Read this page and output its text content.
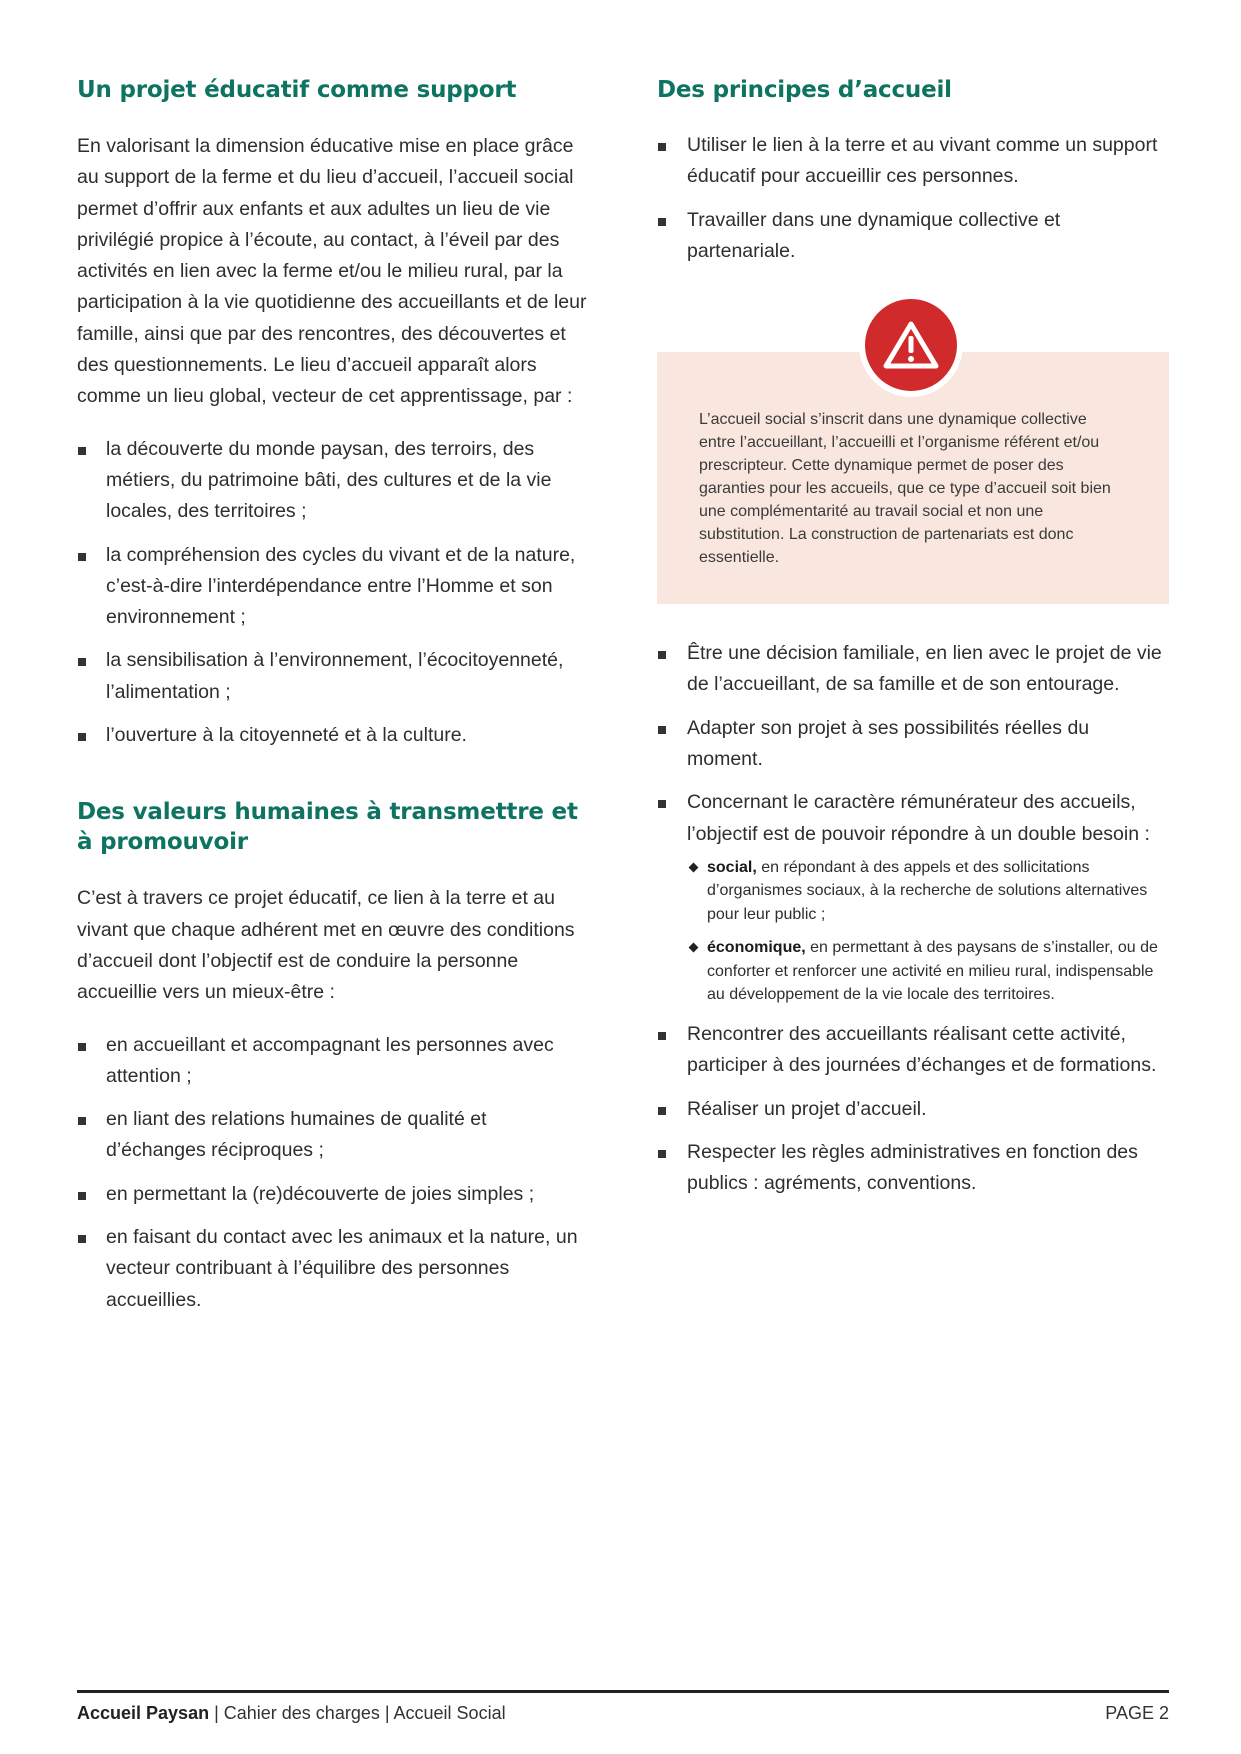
Un projet éducatif comme support

En valorisant la dimension éducative mise en place grâce au support de la ferme et du lieu d’accueil, l’accueil social permet d’offrir aux enfants et aux adultes un lieu de vie privilégié propice à l’écoute, au contact, à l’éveil par des activités en lien avec la ferme et/ou le milieu rural, par la participation à la vie quotidienne des accueillants et de leur famille, ainsi que par des rencontres, des découvertes et des questionnements. Le lieu d’accueil apparaît alors comme un lieu global, vecteur de cet apprentissage, par :

la découverte du monde paysan, des terroirs, des métiers, du patrimoine bâti, des cultures et de la vie locales, des territoires ;
la compréhension des cycles du vivant et de la nature, c’est-à-dire l’interdépendance entre l’Homme et son environnement ;
la sensibilisation à l’environnement, l’écocitoyenneté, l’alimentation ;
l’ouverture à la citoyenneté et à la culture.
Des valeurs humaines à transmettre et à promouvoir

C’est à travers ce projet éducatif, ce lien à la terre et au vivant que chaque adhérent met en œuvre des conditions d’accueil dont l’objectif est de conduire la personne accueillie vers un mieux-être :

en accueillant et accompagnant les personnes avec attention ;
en liant des relations humaines de qualité et d’échanges réciproques ;
en permettant la (re)découverte de joies simples ;
en faisant du contact avec les animaux et la nature, un vecteur contribuant à l’équilibre des personnes accueillies.
Des principes d’accueil
Utiliser le lien à la terre et au vivant comme un support éducatif pour accueillir ces personnes.
Travailler dans une dynamique collective et partenariale.

L’accueil social s’inscrit dans une dynamique collective entre l’accueillant, l’accueilli et l’organisme référent et/ou prescripteur. Cette dynamique permet de poser des garanties pour les accueils, que ce type d’accueil soit bien une complémentarité au travail social et non une substitution. La construction de partenariats est donc essentielle.

Être une décision familiale, en lien avec le projet de vie de l’accueillant, de sa famille et de son entourage.
Adapter son projet à ses possibilités réelles du moment.
Concernant le caractère rémunérateur des accueils, l’objectif est de pouvoir répondre à un double besoin :
social, en répondant à des appels et des sollicitations d’organismes sociaux, à la recherche de solutions alternatives pour leur public ;
économique, en permettant à des paysans de s’installer, ou de conforter et renforcer une activité en milieu rural, indispensable au développement de la vie locale des territoires.
Rencontrer des accueillants réalisant cette activité, participer à des journées d’échanges et de formations.
Réaliser un projet d’accueil.
Respecter les règles administratives en fonction des publics : agréments, conventions.
Accueil Paysan | Cahier des charges | Accueil Social	PAGE 2
